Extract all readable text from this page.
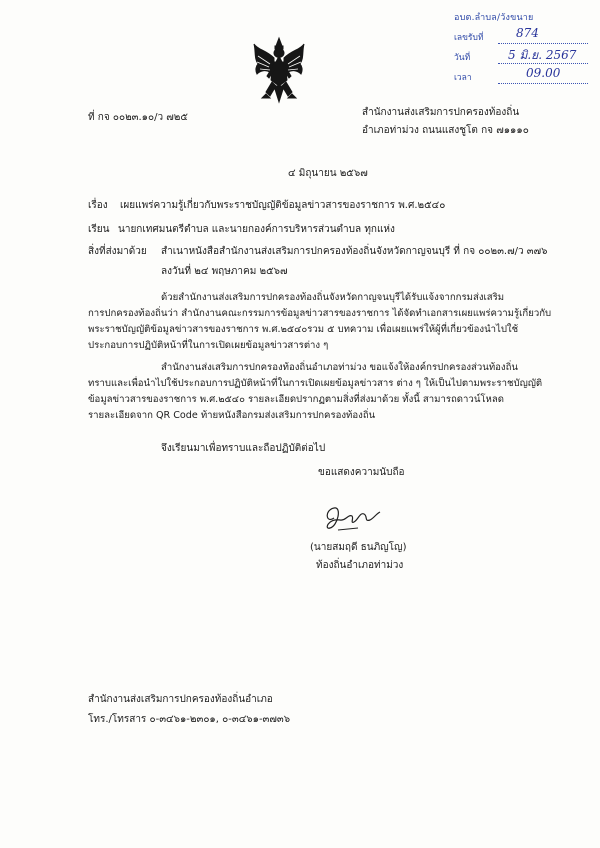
อบต.ลำบล/วังขนาย
เลขรับที่	874
วันที่	5 มิ.ย. 2567
เวลา	09.00
ที่ กจ ๐๐๒๓.๑๐/ว ๗๒๕	สำนักงานส่งเสริมการปกครองท้องถิ่น
อำเภอท่าม่วง ถนนแสงชูโต กจ ๗๑๑๑๐
๔ มิถุนายน ๒๕๖๗
เรื่อง เผยแพร่ความรู้เกี่ยวกับพระราชบัญญัติข้อมูลข่าวสารของราชการ พ.ศ.๒๕๔๐
เรียน นายกเทศมนตรีตำบล และนายกองค์การบริหารส่วนตำบล ทุกแห่ง
สิ่งที่ส่งมาด้วย สำเนาหนังสือสำนักงานส่งเสริมการปกครองท้องถิ่นจังหวัดกาญจนบุรี ที่ กจ ๐๐๒๓.๗/ว ๓๗๖
ลงวันที่ ๒๔ พฤษภาคม ๒๕๖๗
ด้วยสำนักงานส่งเสริมการปกครองท้องถิ่นจังหวัดกาญจนบุรีได้รับแจ้งจากกรมส่งเสริม
การปกครองท้องถิ่นว่า สำนักงานคณะกรรมการข้อมูลข่าวสารของราชการ ได้จัดทำเอกสารเผยแพร่ความรู้เกี่ยวกับ
พระราชบัญญัติข้อมูลข่าวสารของราชการ พ.ศ.๒๕๔๐รวม ๕ บทความ เพื่อเผยแพร่ให้ผู้ที่เกี่ยวข้องนำไปใช้
ประกอบการปฏิบัติหน้าที่ในการเปิดเผยข้อมูลข่าวสารต่าง ๆ
สำนักงานส่งเสริมการปกครองท้องถิ่นอำเภอท่าม่วง ขอแจ้งให้องค์กรปกครองส่วนท้องถิ่น
ทราบและเพื่อนำไปใช้ประกอบการปฏิบัติหน้าที่ในการเปิดเผยข้อมูลข่าวสาร ต่าง ๆ ให้เป็นไปตามพระราชบัญญัติ
ข้อมูลข่าวสารของราชการ พ.ศ.๒๕๔๐ รายละเอียดปรากฏตามสิ่งที่ส่งมาด้วย ทั้งนี้ สามารถดาวน์โหลด
รายละเอียดจาก QR Code ท้ายหนังสือกรมส่งเสริมการปกครองท้องถิ่น
จึงเรียนมาเพื่อทราบและถือปฏิบัติต่อไป
ขอแสดงความนับถือ
(นายสมฤดี ธนภิญโญ)
ท้องถิ่นอำเภอท่าม่วง
สำนักงานส่งเสริมการปกครองท้องถิ่นอำเภอ
โทร./โทรสาร ๐-๓๔๖๑-๒๓๐๑, ๐-๓๔๖๑-๓๗๓๖
